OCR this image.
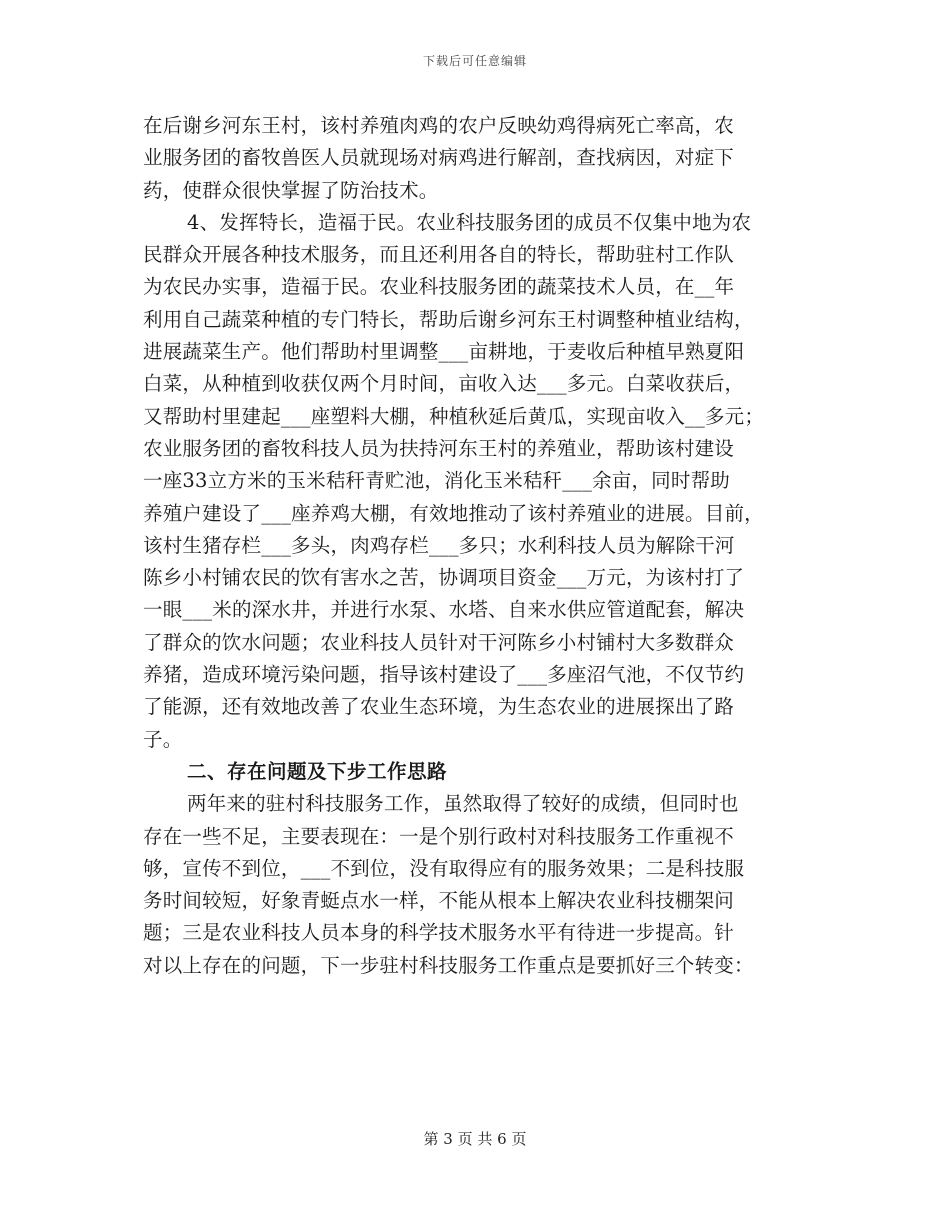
下载后可任意编辑
在后谢乡河东王村，该村养殖肉鸡的农户反映幼鸡得病死亡率高，农
业服务团的畜牧兽医人员就现场对病鸡进行解剖，查找病因，对症下
药，使群众很快掌握了防治技术。
4、发挥特长，造福于民。农业科技服务团的成员不仅集中地为农
民群众开展各种技术服务，而且还利用各自的特长，帮助驻村工作队
为农民办实事，造福于民。农业科技服务团的蔬菜技术人员，在__年
利用自己蔬菜种植的专门特长，帮助后谢乡河东王村调整种植业结构，
进展蔬菜生产。他们帮助村里调整___亩耕地，于麦收后种植早熟夏阳
白菜，从种植到收获仅两个月时间，亩收入达___多元。白菜收获后，
又帮助村里建起___座塑料大棚，种植秋延后黄瓜，实现亩收入__多元；
农业服务团的畜牧科技人员为扶持河东王村的养殖业，帮助该村建设
一座33立方米的玉米秸秆青贮池，消化玉米秸秆___余亩，同时帮助
养殖户建设了___座养鸡大棚，有效地推动了该村养殖业的进展。目前，
该村生猪存栏___多头，肉鸡存栏___多只；水利科技人员为解除干河
陈乡小村铺农民的饮有害水之苦，协调项目资金___万元，为该村打了
一眼___米的深水井，并进行水泵、水塔、自来水供应管道配套，解决
了群众的饮水问题；农业科技人员针对干河陈乡小村铺村大多数群众
养猪，造成环境污染问题，指导该村建设了___多座沼气池，不仅节约
了能源，还有效地改善了农业生态环境，为生态农业的进展探出了路
子。
二、存在问题及下步工作思路
两年来的驻村科技服务工作，虽然取得了较好的成绩，但同时也
存在一些不足，主要表现在：一是个别行政村对科技服务工作重视不
够，宣传不到位，___不到位，没有取得应有的服务效果；二是科技服
务时间较短，好象青蜓点水一样，不能从根本上解决农业科技棚架问
题；三是农业科技人员本身的科学技术服务水平有待进一步提高。针
对以上存在的问题，下一步驻村科技服务工作重点是要抓好三个转变：
第 3 页 共 6 页
